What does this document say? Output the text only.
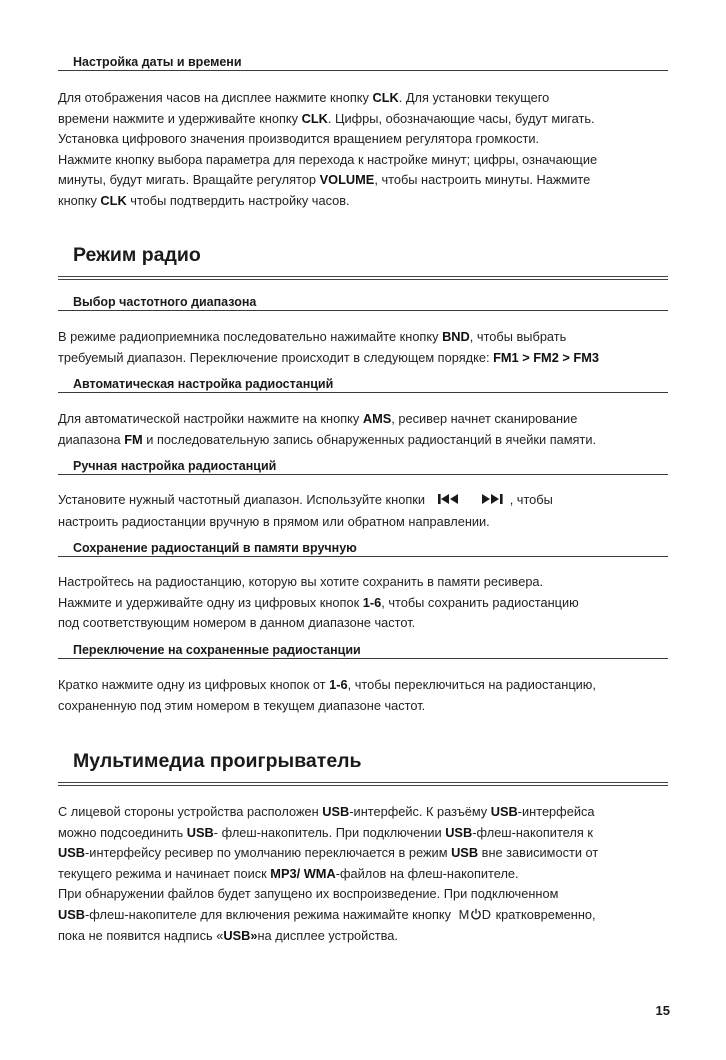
Настройка даты и времени
Для отображения часов на дисплее нажмите кнопку CLK. Для установки текущего
времени нажмите и удерживайте кнопку CLK. Цифры, обозначающие часы, будут мигать.
Установка цифрового значения производится вращением регулятора громкости.
Нажмите кнопку выбора параметра для перехода к настройке минут; цифры, означающие
минуты, будут мигать. Вращайте регулятор VOLUME, чтобы настроить минуты. Нажмите
кнопку CLK чтобы подтвердить настройку часов.
Режим радио
Выбор частотного диапазона
В режиме радиоприемника последовательно нажимайте кнопку BND, чтобы выбрать
требуемый диапазон. Переключение происходит в следующем порядке: FM1 > FM2 > FM3
Автоматическая настройка радиостанций
Для автоматической настройки нажмите на кнопку AMS, ресивер начнет сканирование
диапазона FM и последовательную запись обнаруженных радиостанций в ячейки памяти.
Ручная настройка радиостанций
Установите нужный частотный диапазон. Используйте кнопки	, чтобы
настроить радиостанции вручную в прямом или обратном направлении.
Сохранение радиостанций в памяти вручную
Настройтесь на радиостанцию, которую вы хотите сохранить в памяти ресивера.
Нажмите и удерживайте одну из цифровых кнопок 1-6, чтобы сохранить радиостанцию
под соответствующим номером в данном диапазоне частот.
Переключение на сохраненные радиостанции
Кратко нажмите одну из цифровых кнопок от 1-6, чтобы переключиться на радиостанцию,
сохраненную под этим номером в текущем диапазоне частот.
Мультимедиа проигрыватель
С лицевой стороны устройства расположен USB-интерфейс. К разъёму USB-интерфейса
можно подсоединить USB- флеш-накопитель. При подключении USB-флеш-накопителя к
USB-интерфейсу ресивер по умолчанию переключается в режим USB вне зависимости от
текущего режима и начинает поиск MP3/ WMA-файлов на флеш-накопителе.
При обнаружении файлов будет запущено их воспроизведение. При подключенном
USB-флеш-накопителе для включения режима нажимайте кнопку M D кратковременно,
пока не появится надпись «USB»на дисплее устройства.
15
